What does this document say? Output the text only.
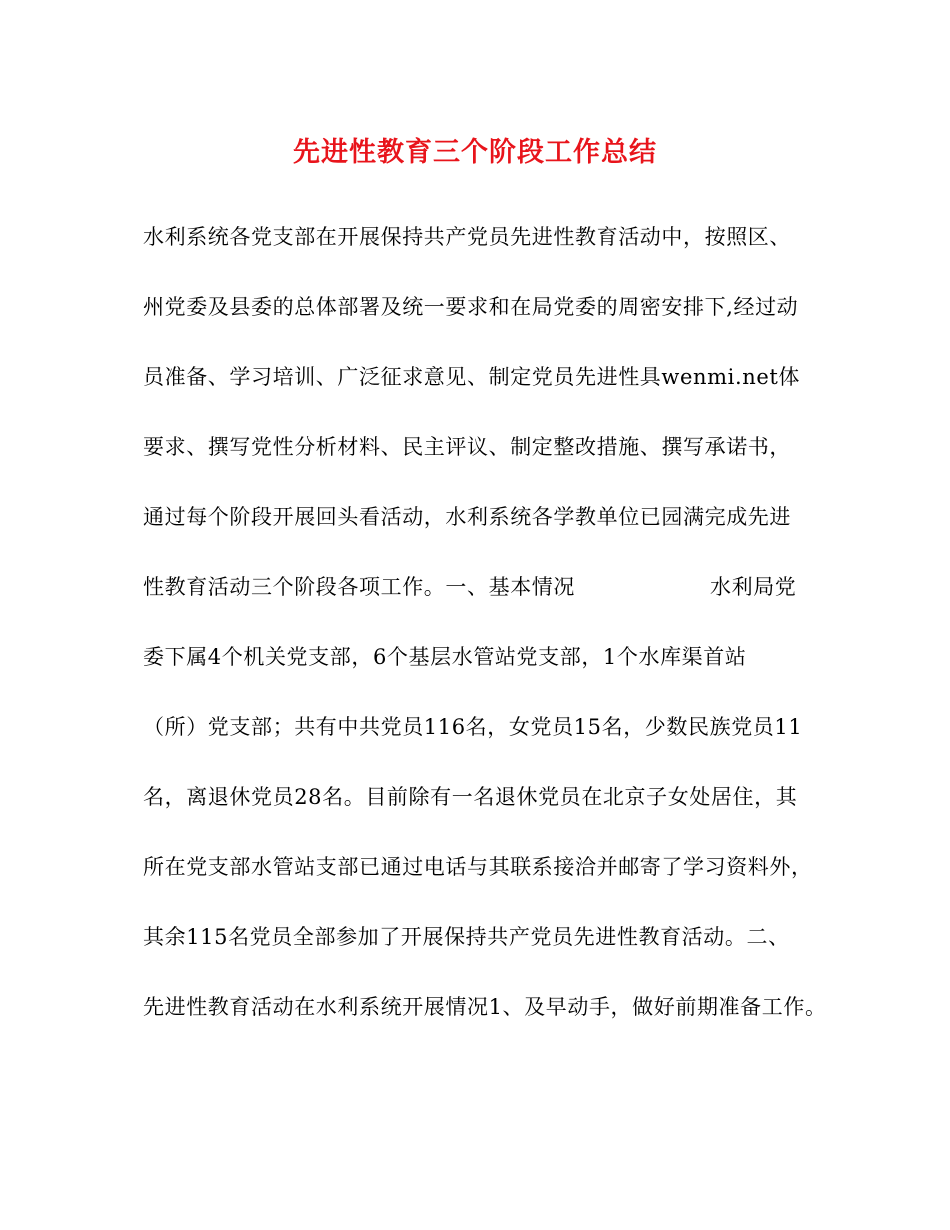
先进性教育三个阶段工作总结
水利系统各党支部在开展保持共产党员先进性教育活动中，按照区、
州党委及县委的总体部署及统一要求和在局党委的周密安排下,经过动
员准备、学习培训、广泛征求意见、制定党员先进性具wenmi.net体
要求、撰写党性分析材料、民主评议、制定整改措施、撰写承诺书，
通过每个阶段开展回头看活动，水利系统各学教单位已园满完成先进
性教育活动三个阶段各项工作。一、基本情况	水利局党
委下属4个机关党支部，6个基层水管站党支部，1个水库渠首站
（所）党支部；共有中共党员116名，女党员15名，少数民族党员11
名，离退休党员28名。目前除有一名退休党员在北京子女处居住，其
所在党支部水管站支部已通过电话与其联系接洽并邮寄了学习资料外，
其余115名党员全部参加了开展保持共产党员先进性教育活动。二、
先进性教育活动在水利系统开展情况1、及早动手，做好前期准备工作。
